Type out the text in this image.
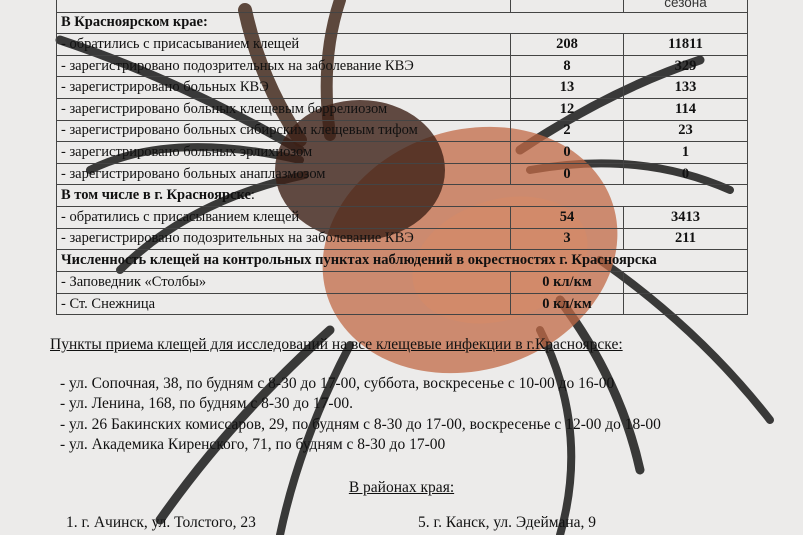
		сезона
В Красноярском крае:		
- обратились с присасыванием клещей	208	11811
- зарегистрировано подозрительных на заболевание КВЭ	8	329
- зарегистрировано больных КВЭ	13	133
- зарегистрировано больных клещевым боррелиозом	12	114
- зарегистрировано больных сибирским клещевым тифом	2	23
- зарегистрировано больных эрлихиозом	0	1
- зарегистрировано больных анаплазмозом	0	0
В том числе в г. Красноярске:		
- обратились с присасыванием клещей	54	3413
- зарегистрировано подозрительных на заболевание КВЭ	3	211
Численность клещей на контрольных пунктах наблюдений в окрестностях г. Красноярска		
- Заповедник «Столбы»	0 кл/км	
- Ст. Снежница	0 кл/км	
Пункты приема клещей для исследований на все клещевые инфекции в г.Красноярске:
- ул. Сопочная, 38, по будням с 8-30 до 17-00, суббота, воскресенье с 10-00 до 16-00
- ул. Ленина, 168, по будням с 8-30 до 17-00.
- ул. 26 Бакинских комиссаров, 29, по будням с 8-30 до 17-00, воскресенье с 12-00 до 18-00
- ул. Академика Киренского, 71, по будням с 8-30 до 17-00
В районах края:
1. г. Ачинск, ул. Толстого, 23	5. г. Канск, ул. Эдеймана, 9
